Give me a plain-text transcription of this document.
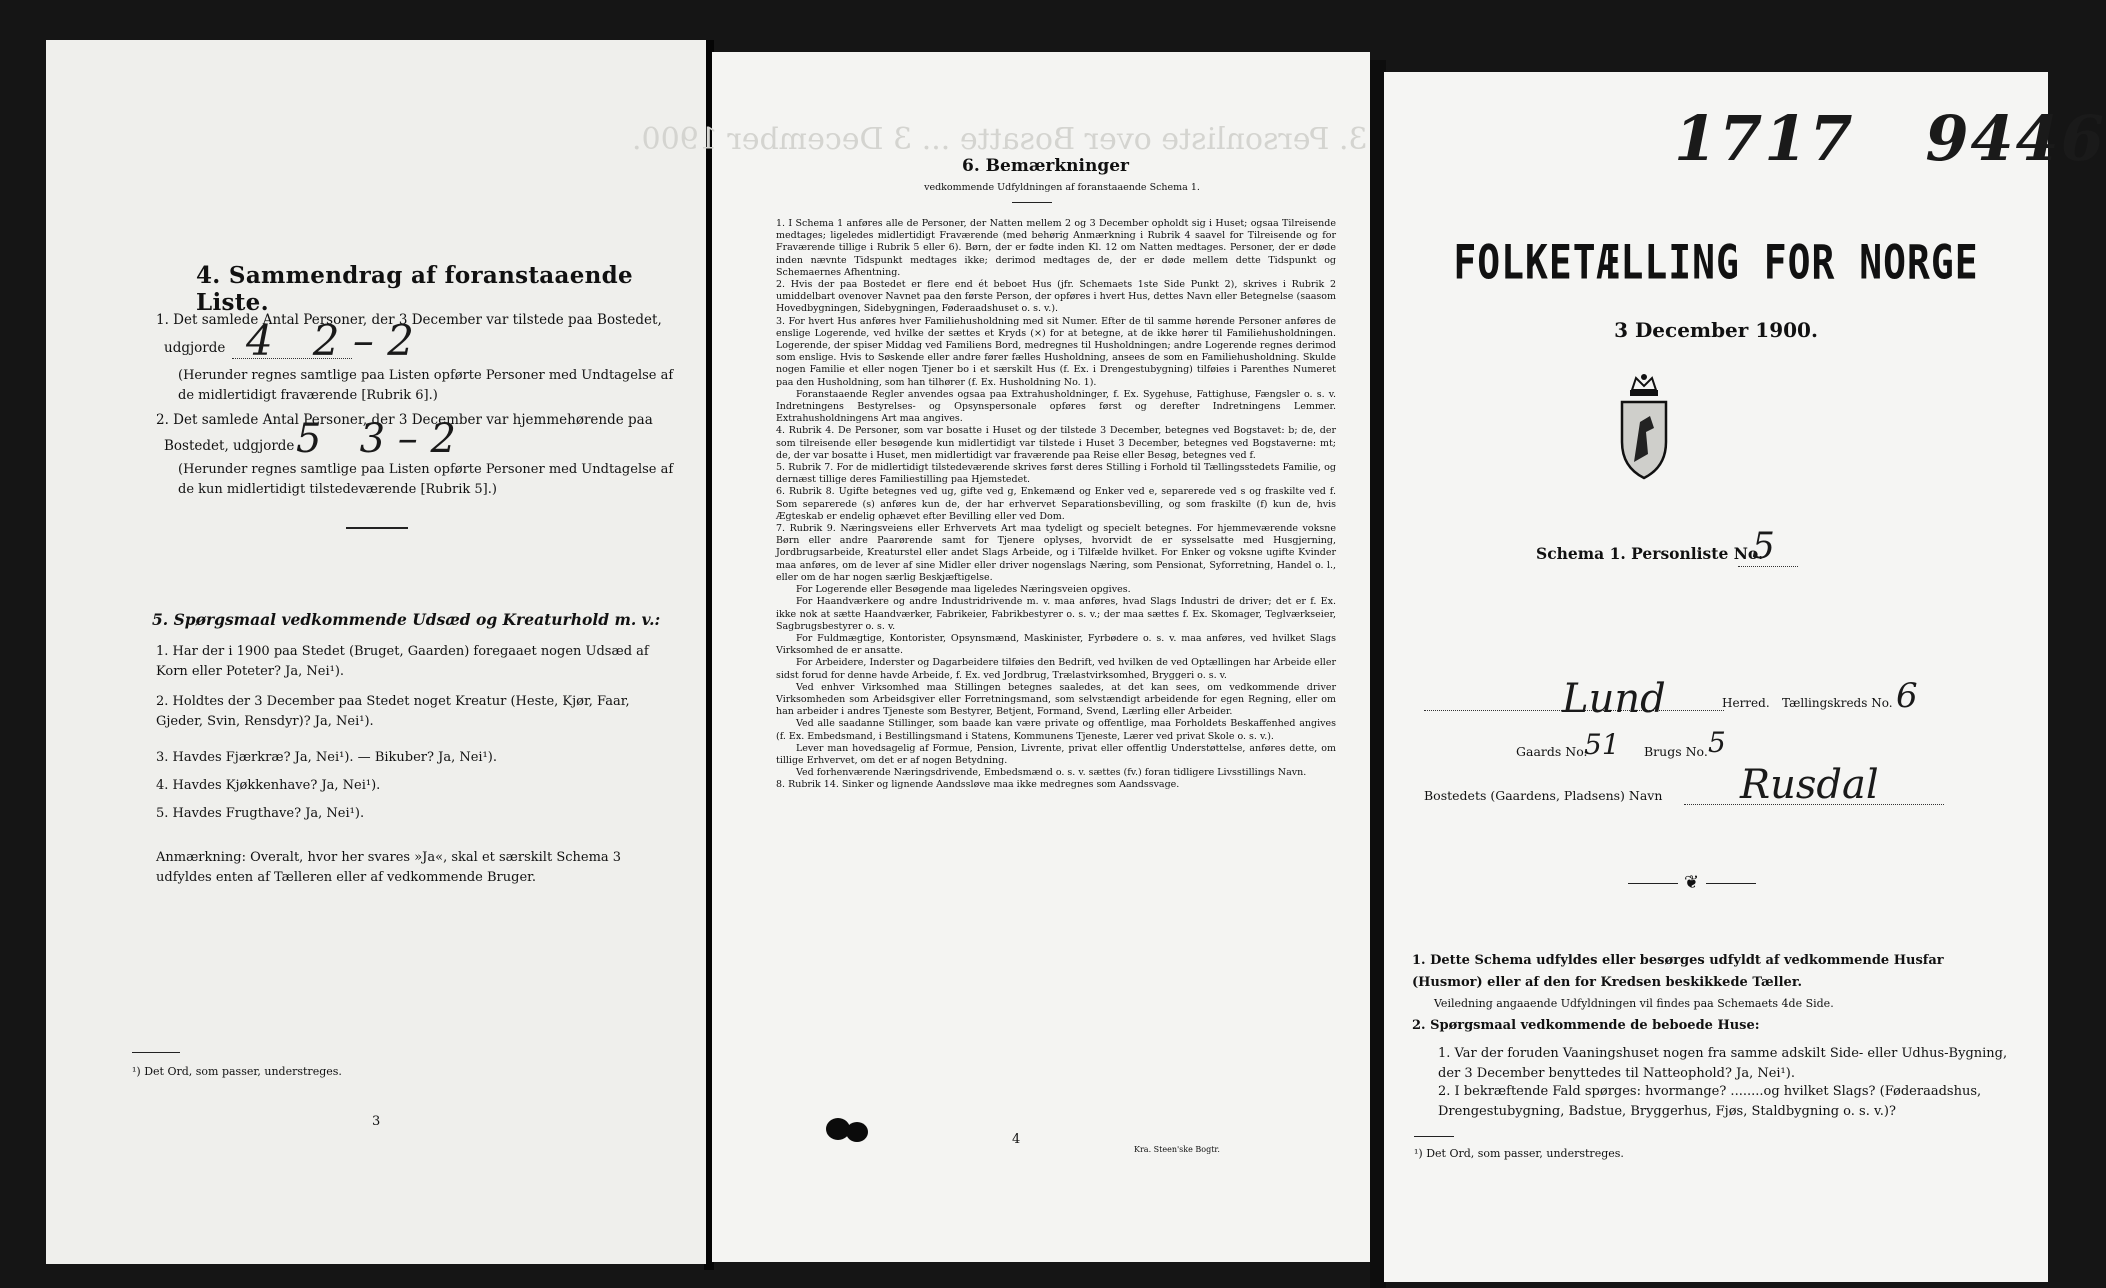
4. Sammendrag af foranstaaende Liste.

1. Det samlede Antal Personer, der 3 December var tilstede paa Bostedet,

udgjorde 4   2 – 2

(Herunder regnes samtlige paa Listen opførte Personer med Undtagelse af de midlertidigt fraværende [Rubrik 6].)

2. Det samlede Antal Personer, der 3 December var hjemmehørende paa

Bostedet, udgjorde 5   3 – 2

(Herunder regnes samtlige paa Listen opførte Personer med Undtagelse af de kun midlertidigt tilstedeværende [Rubrik 5].)

5. Spørgsmaal vedkommende Udsæd og Kreaturhold m. v.:

1. Har der i 1900 paa Stedet (Bruget, Gaarden) foregaaet nogen Udsæd af Korn eller Poteter? Ja, Nei¹).

2. Holdtes der 3 December paa Stedet noget Kreatur (Heste, Kjør, Faar, Gjeder, Svin, Rensdyr)? Ja, Nei¹).

3. Havdes Fjærkræ? Ja, Nei¹). — Bikuber? Ja, Nei¹).

4. Havdes Kjøkkenhave? Ja, Nei¹).

5. Havdes Frugthave? Ja, Nei¹).

Anmærkning: Overalt, hvor her svares »Ja«, skal et særskilt Schema 3 udfyldes enten af Tælleren eller af vedkommende Bruger.

¹) Det Ord, som passer, understreges.
3
3. Personliste over Bosatte ... 3 December 1900.
6. Bemærkninger
vedkommende Udfyldningen af foranstaaende Schema 1.

1. I Schema 1 anføres alle de Personer, der Natten mellem 2 og 3 December opholdt sig i Huset; ogsaa Tilreisende medtages; ligeledes midlertidigt Fraværende (med behørig Anmærkning i Rubrik 4 saavel for Tilreisende og for Fraværende tillige i Rubrik 5 eller 6). Børn, der er fødte inden Kl. 12 om Natten medtages. Personer, der er døde inden nævnte Tidspunkt medtages ikke; derimod medtages de, der er døde mellem dette Tidspunkt og Schemaernes Afhentning.

2. Hvis der paa Bostedet er flere end ét beboet Hus (jfr. Schemaets 1ste Side Punkt 2), skrives i Rubrik 2 umiddelbart ovenover Navnet paa den første Person, der opføres i hvert Hus, dettes Navn eller Betegnelse (saasom Hovedbygningen, Sidebygningen, Føderaadshuset o. s. v.).

3. For hvert Hus anføres hver Familiehusholdning med sit Numer. Efter de til samme hørende Personer anføres de enslige Logerende, ved hvilke der sættes et Kryds (×) for at betegne, at de ikke hører til Familiehusholdningen. Logerende, der spiser Middag ved Familiens Bord, medregnes til Husholdningen; andre Logerende regnes derimod som enslige. Hvis to Søskende eller andre fører fælles Husholdning, ansees de som en Familiehusholdning. Skulde nogen Familie et eller nogen Tjener bo i et særskilt Hus (f. Ex. i Drengestubygning) tilføies i Parenthes Numeret paa den Husholdning, som han tilhører (f. Ex. Husholdning No. 1).

Foranstaaende Regler anvendes ogsaa paa Extrahusholdninger, f. Ex. Sygehuse, Fattighuse, Fængsler o. s. v. Indretningens Bestyrelses- og Opsynspersonale opføres først og derefter Indretningens Lemmer. Extrahusholdningens Art maa angives.

4. Rubrik 4. De Personer, som var bosatte i Huset og der tilstede 3 December, betegnes ved Bogstavet: b; de, der som tilreisende eller besøgende kun midlertidigt var tilstede i Huset 3 December, betegnes ved Bogstaverne: mt; de, der var bosatte i Huset, men midlertidigt var fraværende paa Reise eller Besøg, betegnes ved f.

5. Rubrik 7. For de midlertidigt tilstedeværende skrives først deres Stilling i Forhold til Tællingsstedets Familie, og dernæst tillige deres Familiestilling paa Hjemstedet.

6. Rubrik 8. Ugifte betegnes ved ug, gifte ved g, Enkemænd og Enker ved e, separerede ved s og fraskilte ved f. Som separerede (s) anføres kun de, der har erhvervet Separationsbevilling, og som fraskilte (f) kun de, hvis Ægteskab er endelig ophævet efter Bevilling eller ved Dom.

7. Rubrik 9. Næringsveiens eller Erhvervets Art maa tydeligt og specielt betegnes. For hjemmeværende voksne Børn eller andre Paarørende samt for Tjenere oplyses, hvorvidt de er sysselsatte med Husgjerning, Jordbrugsarbeide, Kreaturstel eller andet Slags Arbeide, og i Tilfælde hvilket. For Enker og voksne ugifte Kvinder maa anføres, om de lever af sine Midler eller driver nogenslags Næring, som Pensionat, Syforretning, Handel o. l., eller om de har nogen særlig Beskjæftigelse.

For Logerende eller Besøgende maa ligeledes Næringsveien opgives.

For Haandværkere og andre Industridrivende m. v. maa anføres, hvad Slags Industri de driver; det er f. Ex. ikke nok at sætte Haandværker, Fabrikeier, Fabrikbestyrer o. s. v.; der maa sættes f. Ex. Skomager, Teglværkseier, Sagbrugsbestyrer o. s. v.

For Fuldmægtige, Kontorister, Opsynsmænd, Maskinister, Fyrbødere o. s. v. maa anføres, ved hvilket Slags Virksomhed de er ansatte.

For Arbeidere, Inderster og Dagarbeidere tilføies den Bedrift, ved hvilken de ved Optællingen har Arbeide eller sidst forud for denne havde Arbeide, f. Ex. ved Jordbrug, Trælastvirksomhed, Bryggeri o. s. v.

Ved enhver Virksomhed maa Stillingen betegnes saaledes, at det kan sees, om vedkommende driver Virksomheden som Arbeidsgiver eller Forretningsmand, som selvstændigt arbeidende for egen Regning, eller om han arbeider i andres Tjeneste som Bestyrer, Betjent, Formand, Svend, Lærling eller Arbeider.

Ved alle saadanne Stillinger, som baade kan være private og offentlige, maa Forholdets Beskaffenhed angives (f. Ex. Embedsmand, i Bestillingsmand i Statens, Kommunens Tjeneste, Lærer ved privat Skole o. s. v.).

Lever man hovedsagelig af Formue, Pension, Livrente, privat eller offentlig Understøttelse, anføres dette, om tillige Erhvervet, om det er af nogen Betydning.

Ved forhenværende Næringsdrivende, Embedsmænd o. s. v. sættes (fv.) foran tidligere Livsstillings Navn.

8. Rubrik 14. Sinker og lignende Aandssløve maa ikke medregnes som Aandssvage.

4
Kra. Steen'ske Bogtr.
1717   9446
FOLKETÆLLING FOR NORGE
3 December 1900.
Schema 1. Personliste No.
5
Lund	Herred. Tællingskreds No. 6
Gaards No.
51 Brugs No. 5
Bostedets (Gaardens, Pladsens) Navn Rusdal
❦

1. Dette Schema udfyldes eller besørges udfyldt af vedkommende Husfar (Husmor) eller af den for Kredsen beskikkede Tæller.

Veiledning angaaende Udfyldningen vil findes paa Schemaets 4de Side.

2. Spørgsmaal vedkommende de beboede Huse:

1. Var der foruden Vaaningshuset nogen fra samme adskilt Side- eller Udhus-Bygning, der 3 December benyttedes til Natteophold? Ja, Nei¹).

2. I bekræftende Fald spørges: hvormange? ........og hvilket Slags? (Føderaadshus, Drengestubygning, Badstue, Bryggerhus, Fjøs, Staldbygning o. s. v.)?

¹) Det Ord, som passer, understreges.
